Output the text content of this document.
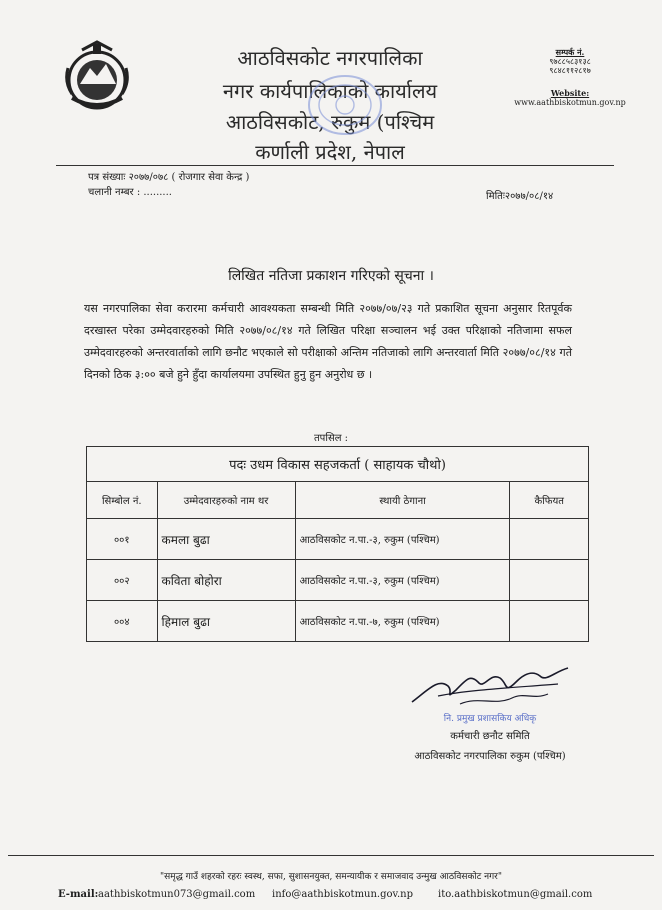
आठविसकोट नगरपालिका
नगर कार्यपालिकाको कार्यालय
आठविसकोट, रुकुम (पश्चिम
कर्णाली प्रदेश, नेपाल
सम्पर्क नं.
९७८८५८३१३८
९८४८११२८१७
Website:
www.aathbiskotmun.gov.np
पत्र संख्याः २०७७/०७८ ( रोजगार सेवा केन्द्र )
चलानी नम्बर : .........	मितिः२०७७/०८/१४
लिखित नतिजा प्रकाशन गरिएको सूचना ।
यस नगरपालिका सेवा करारमा कर्मचारी आवश्यकता सम्बन्धी मिति २०७७/०७/२३ गते प्रकाशित सूचना अनुसार रितपूर्वक दरखास्त परेका उम्मेदवारहरुको मिति २०७७/०८/१४ गते लिखित परिक्षा सञ्चालन भई उक्त परिक्षाको नतिजामा सफल उम्मेदवारहरुको अन्तरवार्ताको लागि छनौट भएकाले सो परीक्षाको अन्तिम नतिजाको लागि अन्तरवार्ता मिति २०७७/०८/१४ गते दिनको ठिक ३:०० बजे हुने हुँदा कार्यालयमा उपस्थित हुनु हुन अनुरोध छ ।
तपसिल :
पदः उधम विकास सहजकर्ता ( साहायक चौथो)			
सिम्बोल नं.	उम्मेदवारहरुको नाम थर	स्थायी ठेगाना	कैफियत
००१	कमला बुढा	आठविसकोट न.पा.-३, रुकुम (पश्चिम)	
००२	कविता बोहोरा	आठविसकोट न.पा.-३, रुकुम (पश्चिम)	
००४	हिमाल बुढा	आठविसकोट न.पा.-७, रुकुम (पश्चिम)	
नि. प्रमुख प्रशासकिय अधिकृ
कर्मचारी छनौट समिति
आठविसकोट नगरपालिका रुकुम (पश्चिम)
"समृद्ध गाउँ शहरको रहरः स्वस्थ, सफा, सुशासनयुक्त, समन्यायीक र समाजवाद उन्मुख आठविसकोट नगर"
E-mail: aathbiskotmun073@gmail.com info@aathbiskotmun.gov.np ito.aathbiskotmun@gmail.com
